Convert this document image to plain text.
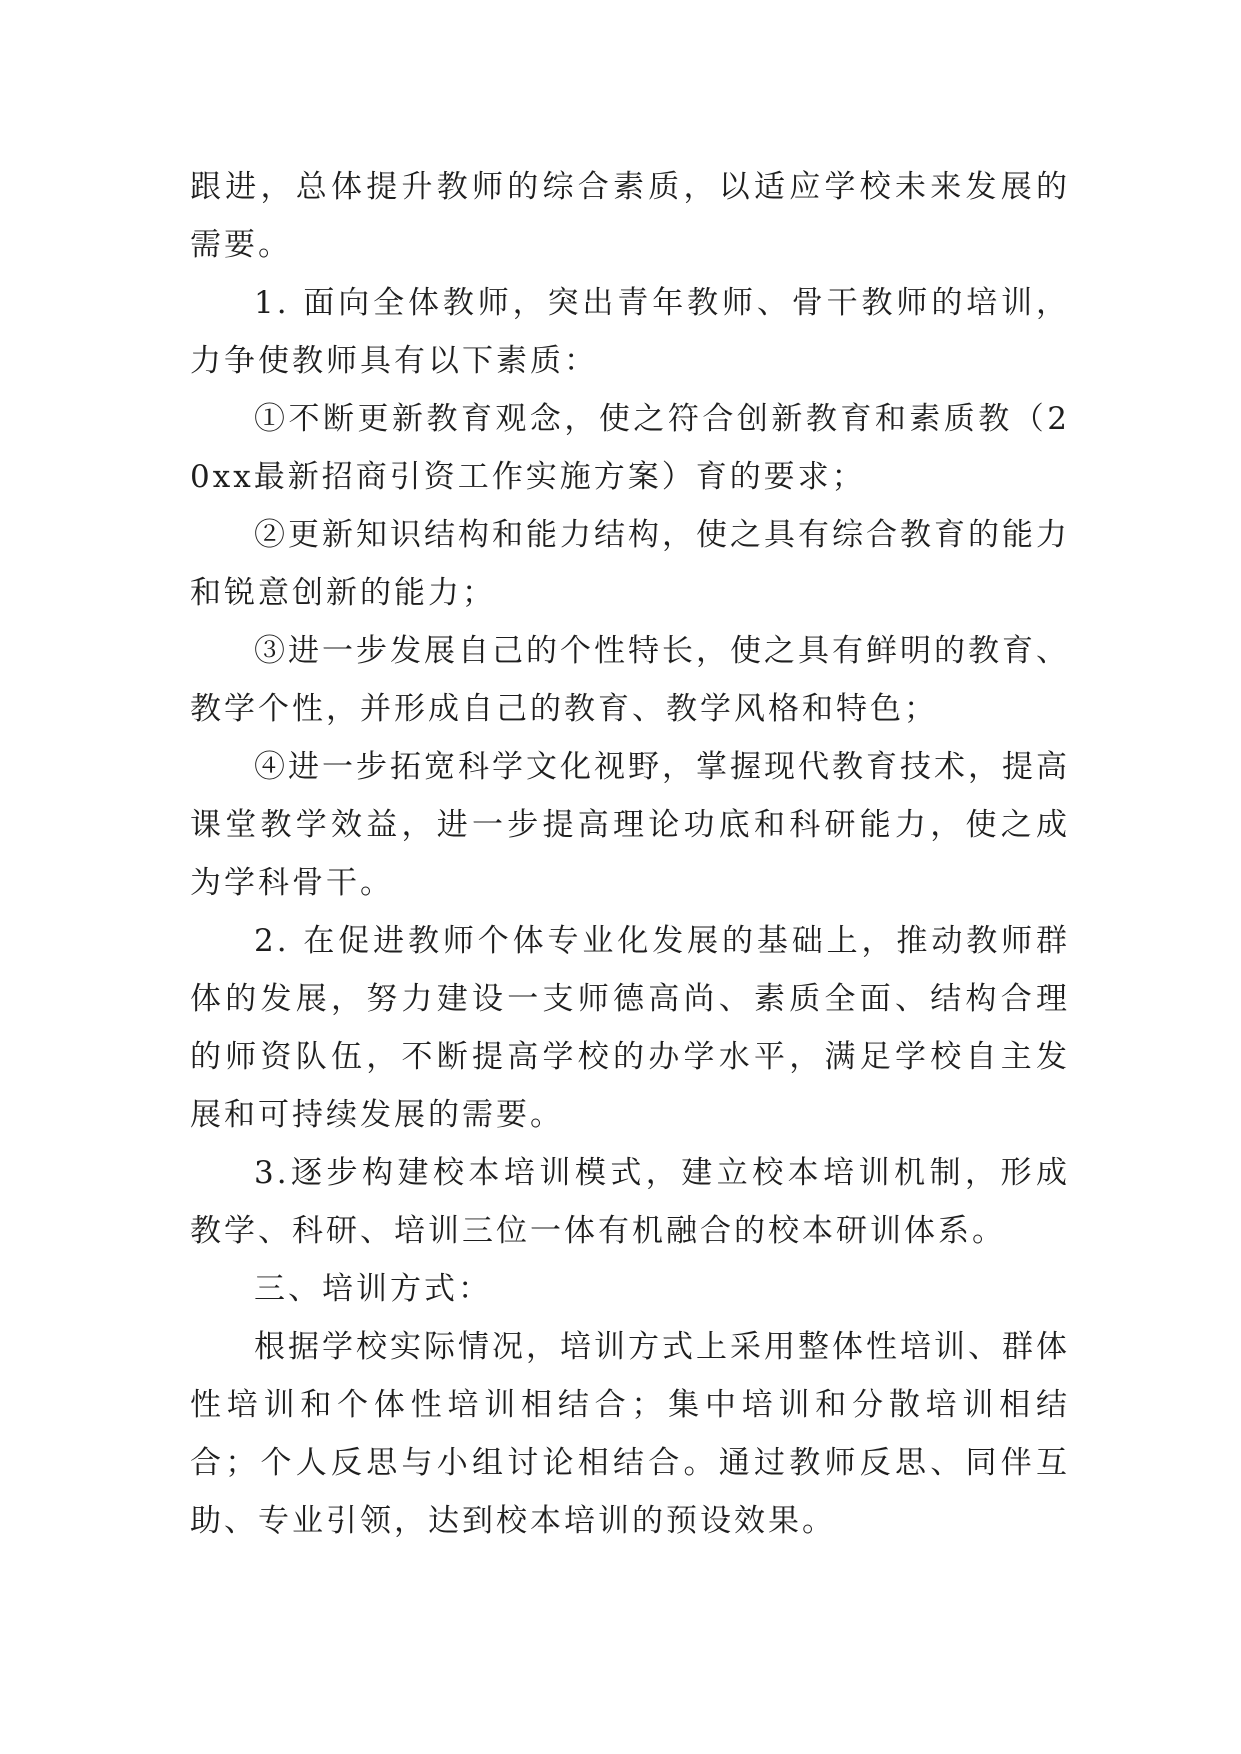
跟进，总体提升教师的综合素质，以适应学校未来发展的需要。

1. 面向全体教师，突出青年教师、骨干教师的培训，力争使教师具有以下素质：

①不断更新教育观念，使之符合创新教育和素质教（20xx最新招商引资工作实施方案）育的要求；

②更新知识结构和能力结构，使之具有综合教育的能力和锐意创新的能力；

③进一步发展自己的个性特长，使之具有鲜明的教育、教学个性，并形成自己的教育、教学风格和特色；

④进一步拓宽科学文化视野，掌握现代教育技术，提高课堂教学效益，进一步提高理论功底和科研能力，使之成为学科骨干。

2. 在促进教师个体专业化发展的基础上，推动教师群体的发展，努力建设一支师德高尚、素质全面、结构合理的师资队伍，不断提高学校的办学水平，满足学校自主发展和可持续发展的需要。

3.逐步构建校本培训模式，建立校本培训机制，形成教学、科研、培训三位一体有机融合的校本研训体系。

三、培训方式：

根据学校实际情况，培训方式上采用整体性培训、群体性培训和个体性培训相结合；集中培训和分散培训相结合；个人反思与小组讨论相结合。通过教师反思、同伴互助、专业引领，达到校本培训的预设效果。
